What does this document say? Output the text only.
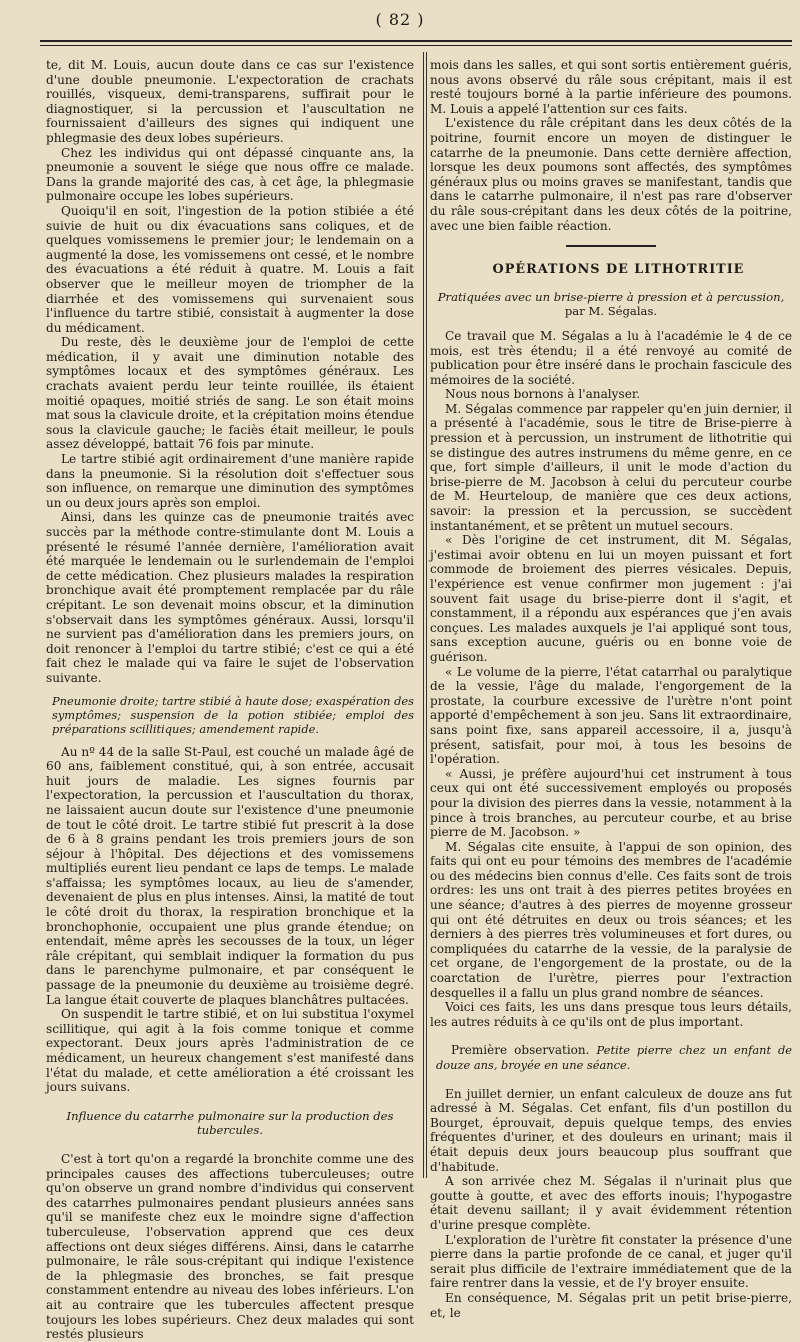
( 82 )

te, dit M. Louis, aucun doute dans ce cas sur l'existence d'une double pneumonie. L'expectoration de crachats rouillés, visqueux, demi-transparens, suffirait pour le diagnostiquer, si la percussion et l'auscultation ne fournissaient d'ailleurs des signes qui indiquent une phlegmasie des deux lobes supérieurs.

Chez les individus qui ont dépassé cinquante ans, la pneumonie a souvent le siége que nous offre ce malade. Dans la grande majorité des cas, à cet âge, la phlegmasie pulmonaire occupe les lobes supérieurs.

Quoiqu'il en soit, l'ingestion de la potion stibiée a été suivie de huit ou dix évacuations sans coliques, et de quelques vomissemens le premier jour; le lendemain on a augmenté la dose, les vomissemens ont cessé, et le nombre des évacuations a été réduit à quatre. M. Louis a fait observer que le meilleur moyen de triompher de la diarrhée et des vomissemens qui survenaient sous l'influence du tartre stibié, consistait à augmenter la dose du médicament.

Du reste, dès le deuxième jour de l'emploi de cette médication, il y avait une diminution notable des symptômes locaux et des symptômes généraux. Les crachats avaient perdu leur teinte rouillée, ils étaient moitié opaques, moitié striés de sang. Le son était moins mat sous la clavicule droite, et la crépitation moins étendue sous la clavicule gauche; le faciès était meilleur, le pouls assez développé, battait 76 fois par minute.

Le tartre stibié agit ordinairement d'une manière rapide dans la pneumonie. Si la résolution doit s'effectuer sous son influence, on remarque une diminution des symptômes un ou deux jours après son emploi.

Ainsi, dans les quinze cas de pneumonie traités avec succès par la méthode contre-stimulante dont M. Louis a présenté le résumé l'année dernière, l'amélioration avait été marquée le lendemain ou le surlendemain de l'emploi de cette médication. Chez plusieurs malades la respiration bronchique avait été promptement remplacée par du râle crépitant. Le son devenait moins obscur, et la diminution s'observait dans les symptômes généraux. Aussi, lorsqu'il ne survient pas d'amélioration dans les premiers jours, on doit renoncer à l'emploi du tartre stibié; c'est ce qui a été fait chez le malade qui va faire le sujet de l'observation suivante.

Pneumonie droite; tartre stibié à haute dose; exaspération des symptômes; suspension de la potion stibiée; emploi des préparations scillitiques; amendement rapide.

Au nº 44 de la salle St-Paul, est couché un malade âgé de 60 ans, faiblement constitué, qui, à son entrée, accusait huit jours de maladie. Les signes fournis par l'expectoration, la percussion et l'auscultation du thorax, ne laissaient aucun doute sur l'existence d'une pneumonie de tout le côté droit. Le tartre stibié fut prescrit à la dose de 6 à 8 grains pendant les trois premiers jours de son séjour à l'hôpital. Des déjections et des vomissemens multipliés eurent lieu pendant ce laps de temps. Le malade s'affaissa; les symptômes locaux, au lieu de s'amender, devenaient de plus en plus intenses. Ainsi, la matité de tout le côté droit du thorax, la respiration bronchique et la bronchophonie, occupaient une plus grande étendue; on entendait, même après les secousses de la toux, un léger râle crépitant, qui semblait indiquer la formation du pus dans le parenchyme pulmonaire, et par conséquent le passage de la pneumonie du deuxième au troisième degré. La langue était couverte de plaques blanchâtres pultacées.

On suspendit le tartre stibié, et on lui substitua l'oxymel scillitique, qui agit à la fois comme tonique et comme expectorant. Deux jours après l'administration de ce médicament, un heureux changement s'est manifesté dans l'état du malade, et cette amélioration a été croissant les jours suivans.

Influence du catarrhe pulmonaire sur la production des tubercules.

C'est à tort qu'on a regardé la bronchite comme une des principales causes des affections tuberculeuses; outre qu'on observe un grand nombre d'individus qui conservent des catarrhes pulmonaires pendant plusieurs années sans qu'il se manifeste chez eux le moindre signe d'affection tuberculeuse, l'observation apprend que ces deux affections ont deux siéges différens. Ainsi, dans le catarrhe pulmonaire, le râle sous-crépitant qui indique l'existence de la phlegmasie des bronches, se fait presque constamment entendre au niveau des lobes inférieurs. L'on ait au contraire que les tubercules affectent presque toujours les lobes supérieurs. Chez deux malades qui sont restés plusieurs

mois dans les salles, et qui sont sortis entièrement guéris, nous avons observé du râle sous crépitant, mais il est resté toujours borné à la partie inférieure des poumons. M. Louis a appelé l'attention sur ces faits.

L'existence du râle crépitant dans les deux côtés de la poitrine, fournit encore un moyen de distinguer le catarrhe de la pneumonie. Dans cette dernière affection, lorsque les deux poumons sont affectés, des symptômes généraux plus ou moins graves se manifestant, tandis que dans le catarrhe pulmonaire, il n'est pas rare d'observer du râle sous-crépitant dans les deux côtés de la poitrine, avec une bien faible réaction.

OPÉRATIONS DE LITHOTRITIE

Pratiquées avec un brise-pierre à pression et à percussion, par M. Ségalas.

Ce travail que M. Ségalas a lu à l'académie le 4 de ce mois, est très étendu; il a été renvoyé au comité de publication pour être inséré dans le prochain fascicule des mémoires de la société.

Nous nous bornons à l'analyser.

M. Ségalas commence par rappeler qu'en juin dernier, il a présenté à l'académie, sous le titre de Brise-pierre à pression et à percussion, un instrument de lithotritie qui se distingue des autres instrumens du même genre, en ce que, fort simple d'ailleurs, il unit le mode d'action du brise-pierre de M. Jacobson à celui du percuteur courbe de M. Heurteloup, de manière que ces deux actions, savoir: la pression et la percussion, se succèdent instantanément, et se prêtent un mutuel secours.

« Dès l'origine de cet instrument, dit M. Ségalas, j'estimai avoir obtenu en lui un moyen puissant et fort commode de broiement des pierres vésicales. Depuis, l'expérience est venue confirmer mon jugement : j'ai souvent fait usage du brise-pierre dont il s'agit, et constamment, il a répondu aux espérances que j'en avais conçues. Les malades auxquels je l'ai appliqué sont tous, sans exception aucune, guéris ou en bonne voie de guérison.

« Le volume de la pierre, l'état catarrhal ou paralytique de la vessie, l'âge du malade, l'engorgement de la prostate, la courbure excessive de l'urètre n'ont point apporté d'empêchement à son jeu. Sans lit extraordinaire, sans point fixe, sans appareil accessoire, il a, jusqu'à présent, satisfait, pour moi, à tous les besoins de l'opération.

« Aussi, je préfère aujourd'hui cet instrument à tous ceux qui ont été successivement employés ou proposés pour la division des pierres dans la vessie, notamment à la pince à trois branches, au percuteur courbe, et au brise pierre de M. Jacobson. »

M. Ségalas cite ensuite, à l'appui de son opinion, des faits qui ont eu pour témoins des membres de l'académie ou des médecins bien connus d'elle. Ces faits sont de trois ordres: les uns ont trait à des pierres petites broyées en une séance; d'autres à des pierres de moyenne grosseur qui ont été détruites en deux ou trois séances; et les derniers à des pierres très volumineuses et fort dures, ou compliquées du catarrhe de la vessie, de la paralysie de cet organe, de l'engorgement de la prostate, ou de la coarctation de l'urètre, pierres pour l'extraction desquelles il a fallu un plus grand nombre de séances.

Voici ces faits, les uns dans presque tous leurs détails, les autres réduits à ce qu'ils ont de plus important.

Première observation. Petite pierre chez un enfant de douze ans, broyée en une séance.

En juillet dernier, un enfant calculeux de douze ans fut adressé à M. Ségalas. Cet enfant, fils d'un postillon du Bourget, éprouvait, depuis quelque temps, des envies fréquentes d'uriner, et des douleurs en urinant; mais il était depuis deux jours beaucoup plus souffrant que d'habitude.

A son arrivée chez M. Ségalas il n'urinait plus que goutte à goutte, et avec des efforts inouis; l'hypogastre était devenu saillant; il y avait évidemment rétention d'urine presque complète.

L'exploration de l'urètre fit constater la présence d'une pierre dans la partie profonde de ce canal, et juger qu'il serait plus difficile de l'extraire immédiatement que de la faire rentrer dans la vessie, et de l'y broyer ensuite.

En conséquence, M. Ségalas prit un petit brise-pierre, et, le
